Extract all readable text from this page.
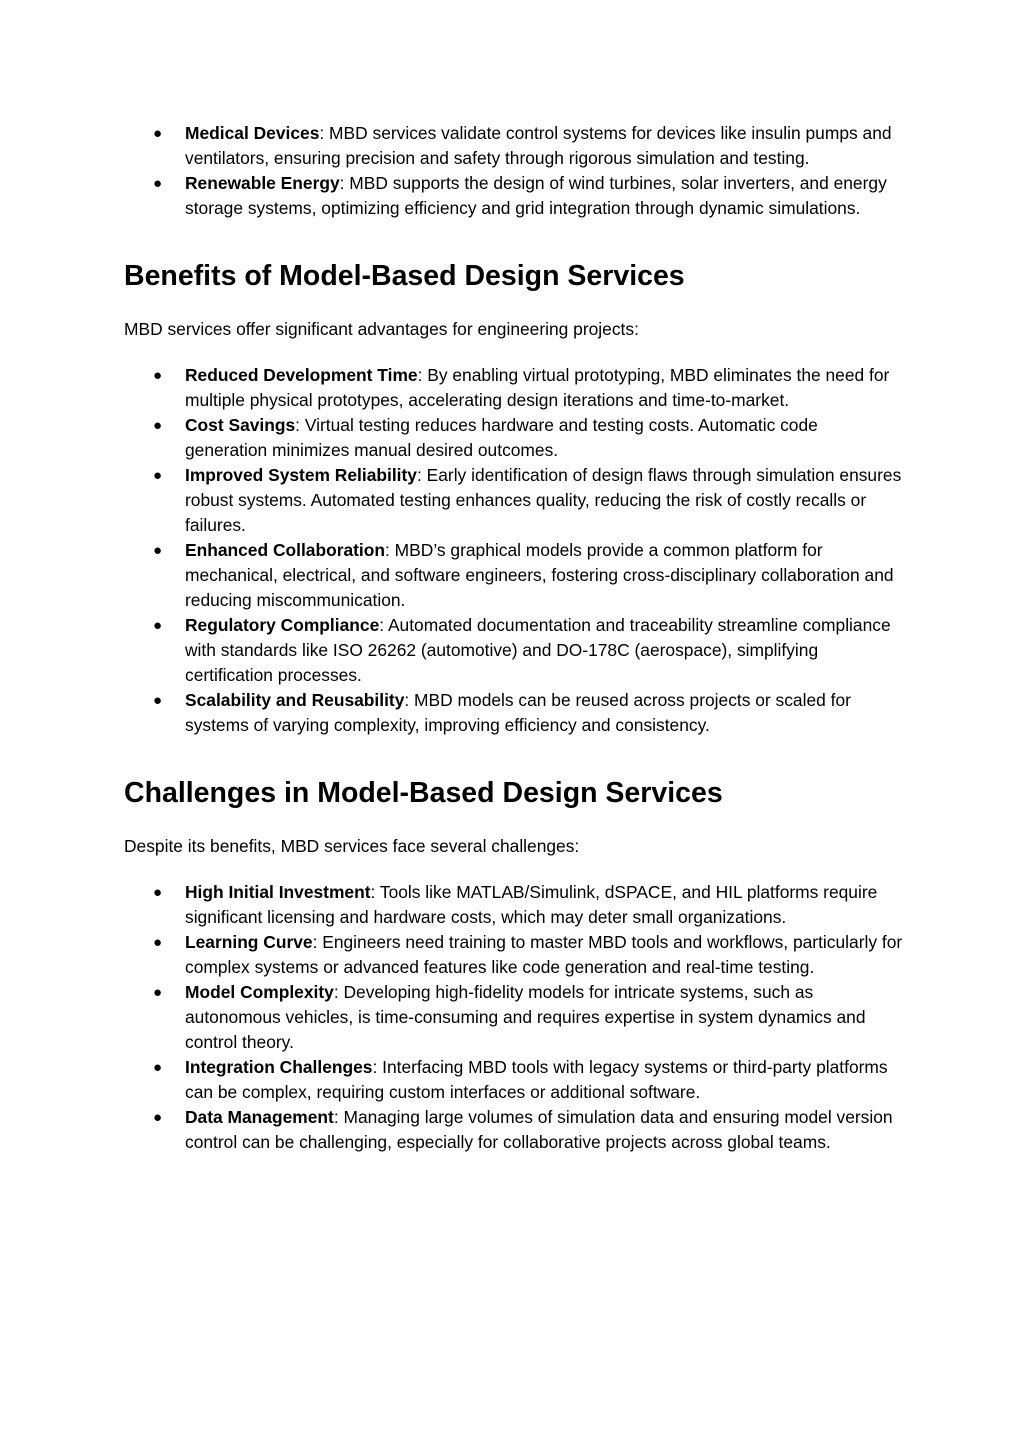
● Medical Devices: MBD services validate control systems for devices like insulin pumps and ventilators, ensuring precision and safety through rigorous simulation and testing.
● Renewable Energy: MBD supports the design of wind turbines, solar inverters, and energy storage systems, optimizing efficiency and grid integration through dynamic simulations.
Benefits of Model-Based Design Services

MBD services offer significant advantages for engineering projects:

● Reduced Development Time: By enabling virtual prototyping, MBD eliminates the need for multiple physical prototypes, accelerating design iterations and time-to-market.
● Cost Savings: Virtual testing reduces hardware and testing costs. Automatic code generation minimizes manual desired outcomes.
● Improved System Reliability: Early identification of design flaws through simulation ensures robust systems. Automated testing enhances quality, reducing the risk of costly recalls or failures.
● Enhanced Collaboration: MBD’s graphical models provide a common platform for mechanical, electrical, and software engineers, fostering cross-disciplinary collaboration and reducing miscommunication.
● Regulatory Compliance: Automated documentation and traceability streamline compliance with standards like ISO 26262 (automotive) and DO-178C (aerospace), simplifying certification processes.
● Scalability and Reusability: MBD models can be reused across projects or scaled for systems of varying complexity, improving efficiency and consistency.
Challenges in Model-Based Design Services

Despite its benefits, MBD services face several challenges:

● High Initial Investment: Tools like MATLAB/Simulink, dSPACE, and HIL platforms require significant licensing and hardware costs, which may deter small organizations.
● Learning Curve: Engineers need training to master MBD tools and workflows, particularly for complex systems or advanced features like code generation and real-time testing.
● Model Complexity: Developing high-fidelity models for intricate systems, such as autonomous vehicles, is time-consuming and requires expertise in system dynamics and control theory.
● Integration Challenges: Interfacing MBD tools with legacy systems or third-party platforms can be complex, requiring custom interfaces or additional software.
● Data Management: Managing large volumes of simulation data and ensuring model version control can be challenging, especially for collaborative projects across global teams.
